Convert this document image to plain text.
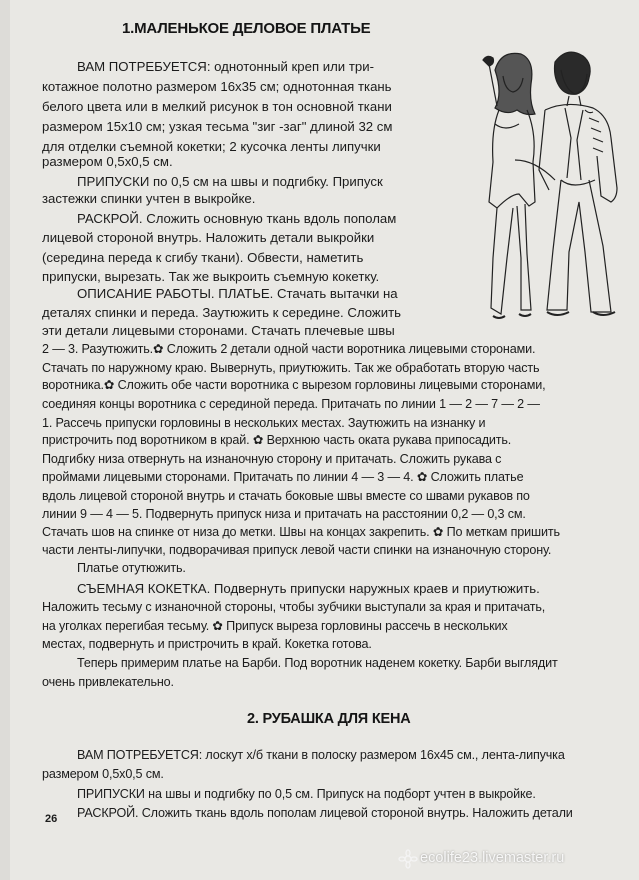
1.МАЛЕНЬКОЕ ДЕЛОВОЕ ПЛАТЬЕ
ВАМ ПОТРЕБУЕТСЯ: однотонный креп или три-
котажное полотно размером 16х35 см; однотонная ткань
белого цвета или в мелкий рисунок в тон основной ткани
размером 15х10 см; узкая тесьма "зиг -заг" длиной 32 см
для отделки съемной кокетки; 2 кусочка ленты липучки
размером 0,5х0,5 см.
ПРИПУСКИ по 0,5 см на швы и подгибку. Припуск
застежки спинки учтен в выкройке.
РАСКРОЙ. Сложить основную ткань вдоль пополам
лицевой стороной внутрь. Наложить детали выкройки
(середина переда к сгибу ткани). Обвести, наметить
припуски, вырезать. Так же выкроить съемную кокетку.
ОПИСАНИЕ РАБОТЫ. ПЛАТЬЕ. Стачать вытачки на
деталях спинки и переда. Заутюжить к середине. Сложить
эти детали лицевыми сторонами. Стачать плечевые швы
2 — 3. Разутюжить.✿ Сложить 2 детали одной части воротника лицевыми сторонами.
Стачать по наружному краю. Вывернуть, приутюжить. Так же обработать вторую часть
воротника.✿ Сложить обе части воротника с вырезом горловины лицевыми сторонами,
соединяя концы воротника с серединой переда. Притачать по линии 1 — 2 — 7 — 2 —
1. Рассечь припуски горловины в нескольких местах. Заутюжить на изнанку и
пристрочить под воротником в край. ✿ Верхнюю часть оката рукава припосадить.
Подгибку низа отвернуть на изнаночную сторону и притачать. Сложить рукава с
проймами лицевыми сторонами. Притачать по линии 4 — 3 — 4. ✿ Сложить платье
вдоль лицевой стороной внутрь и стачать боковые швы вместе со швами рукавов по
линии 9 — 4 — 5. Подвернуть припуск низа и притачать на расстоянии 0,2 — 0,3 см.
Стачать шов на спинке от низа до метки. Швы на концах закрепить. ✿ По меткам пришить
части ленты-липучки, подворачивая припуск левой части спинки на изнаночную сторону.
Платье отутюжить.
СЪЕМНАЯ КОКЕТКА. Подвернуть припуски наружных краев и приутюжить.
Наложить тесьму с изнаночной стороны, чтобы зубчики выступали за края и притачать,
на уголках перегибая тесьму. ✿ Припуск выреза горловины рассечь в нескольких
местах, подвернуть и пристрочить в край. Кокетка готова.
Теперь примерим платье на Барби. Под воротник наденем кокетку. Барби выглядит
очень привлекательно.
2. РУБАШКА ДЛЯ КЕНА
ВАМ ПОТРЕБУЕТСЯ: лоскут х/б ткани в полоску размером 16х45 см., лента-липучка
размером 0,5х0,5 см.
ПРИПУСКИ на швы и подгибку по 0,5 см. Припуск на подборт учтен в выкройке.
РАСКРОЙ. Сложить ткань вдоль пополам лицевой стороной внутрь. Наложить детали
26
ecolife23.livemaster.ru
